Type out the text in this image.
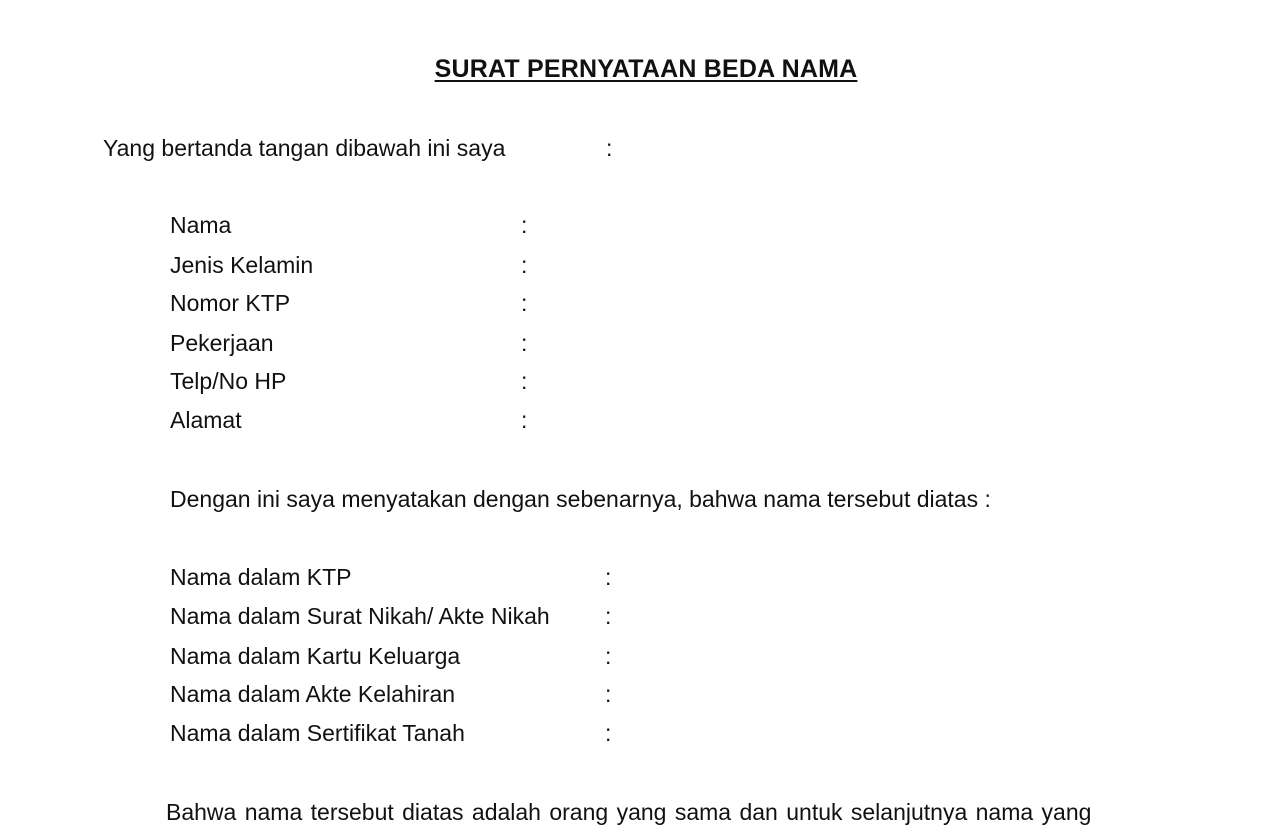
SURAT PERNYATAAN BEDA NAMA
Yang bertanda tangan dibawah ini saya	:
Nama	:
Jenis Kelamin	:
Nomor KTP	:
Pekerjaan	:
Telp/No HP	:
Alamat	:
Dengan ini saya menyatakan dengan sebenarnya, bahwa nama tersebut diatas :
Nama dalam KTP	:
Nama dalam Surat Nikah/ Akte Nikah :
Nama dalam Kartu Keluarga	:
Nama dalam Akte Kelahiran	:
Nama dalam Sertifikat Tanah	:
Bahwa nama tersebut diatas adalah orang yang sama dan untuk selanjutnya nama yang
